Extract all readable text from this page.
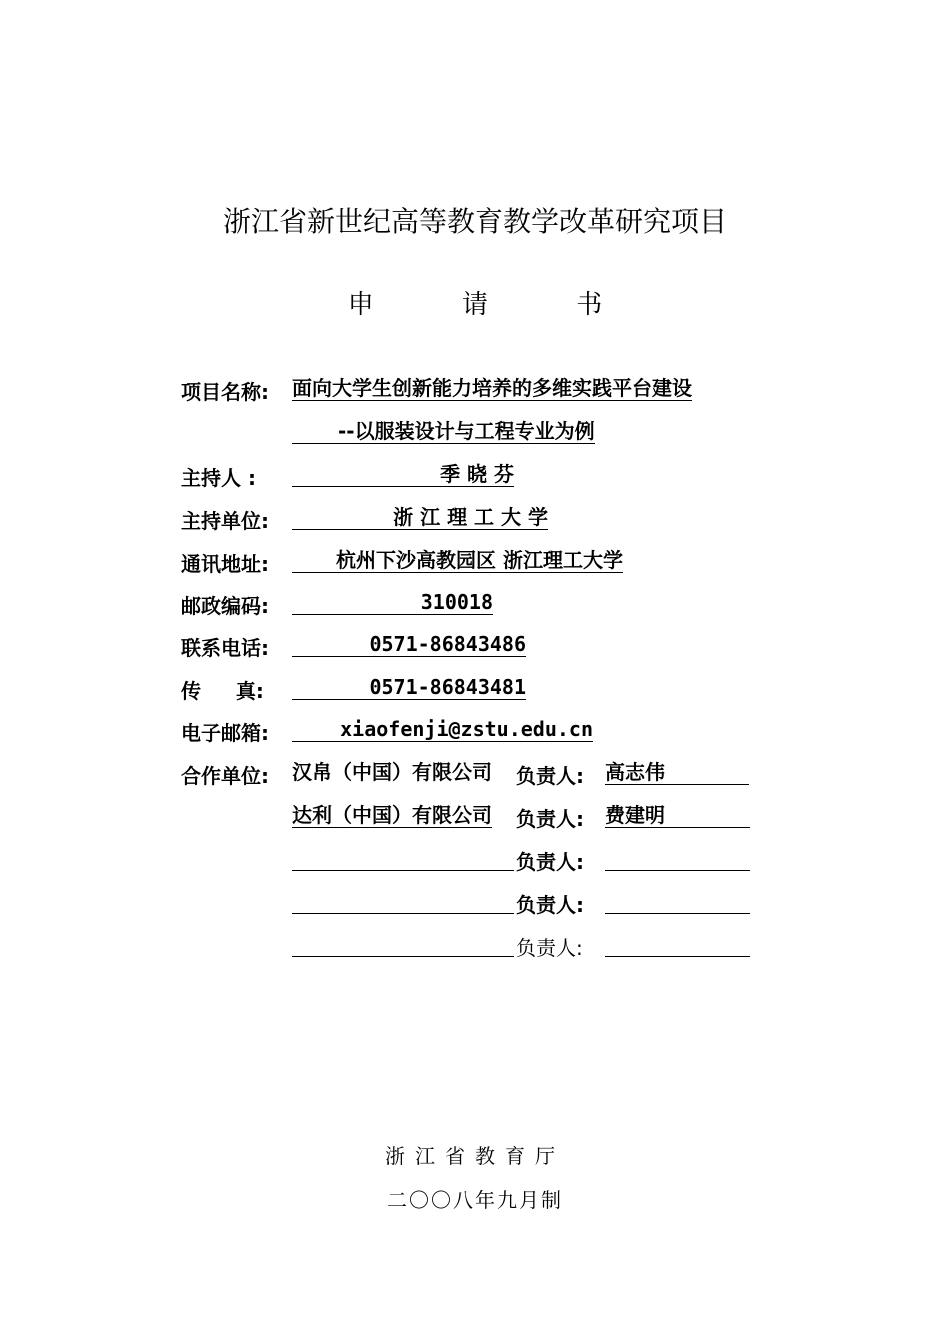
浙江省新世纪高等教育教学改革研究项目
申 请 书
项目名称: 面向大学生创新能力培养的多维实践平台建设
--以服装设计与工程专业为例
主持人 :	季 晓 芬
主持单位:	浙 江 理 工 大 学
通讯地址:	杭州下沙高教园区 浙江理工大学
邮政编码:	310018
联系电话:	0571-86843486
传     真:	0571-86843481
电子邮箱:	xiaofenji@zstu.edu.cn
合作单位: 汉帛（中国）有限公司 负责人: 高志伟
达利（中国）有限公司 负责人: 费建明
负责人:
负责人:
负责人:
浙江省教育厅
二〇〇八年九月制
